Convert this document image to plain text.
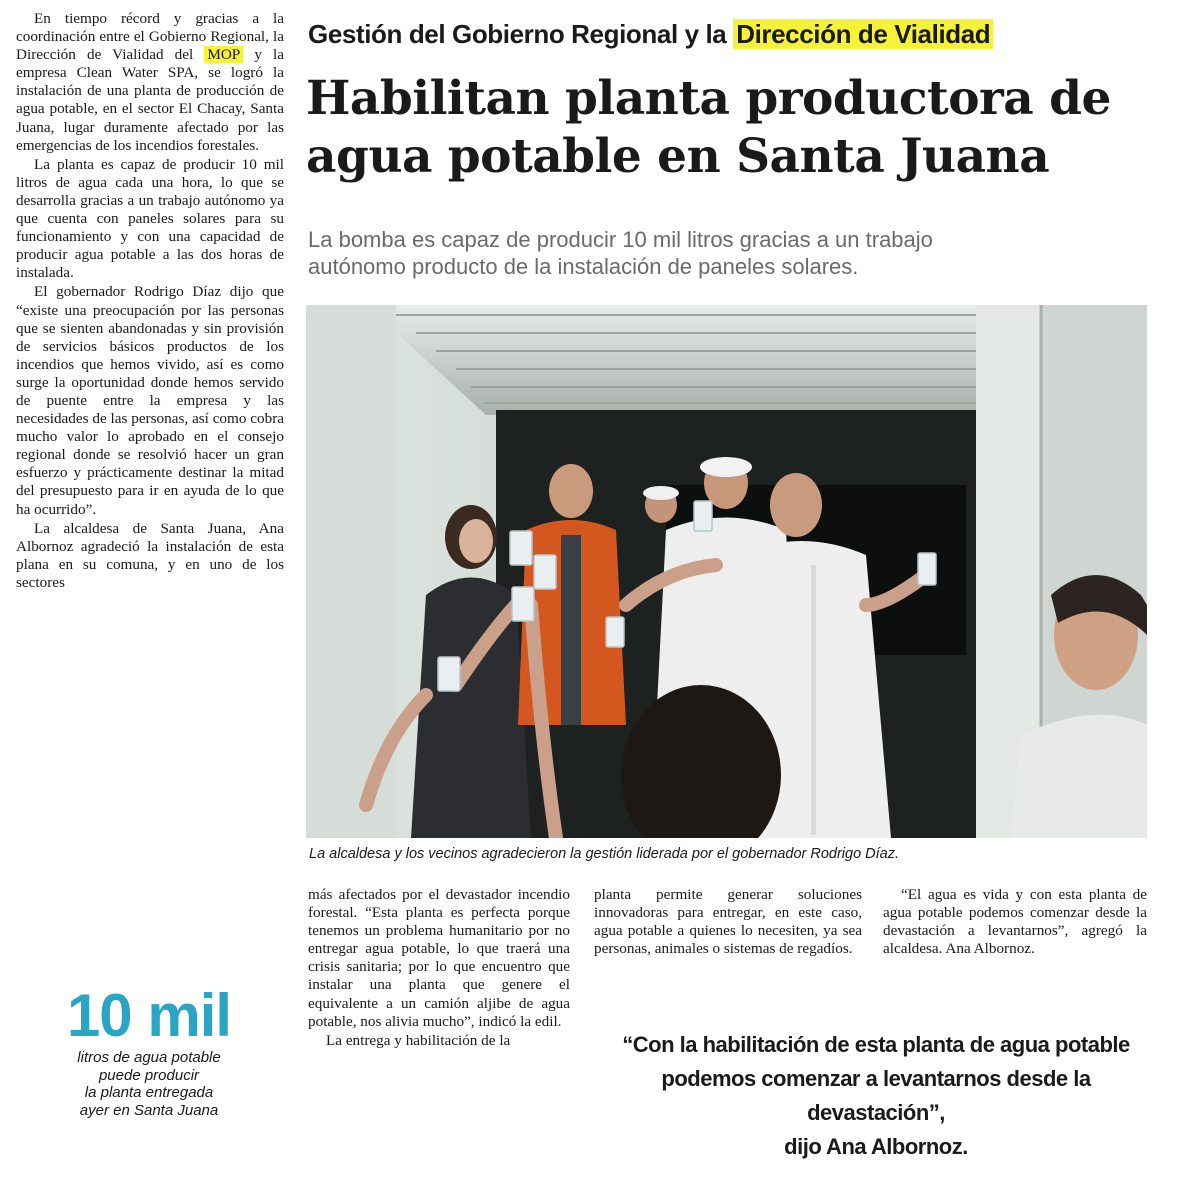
En tiempo récord y gracias a la coordinación entre el Gobierno Regional, la Dirección de Vialidad del MOP y la empresa Clean Water SPA, se logró la instalación de una planta de producción de agua potable, en el sector El Chacay, Santa Juana, lugar duramente afectado por las emergencias de los incendios forestales.

La planta es capaz de producir 10 mil litros de agua cada una hora, lo que se desarrolla gracias a un trabajo autónomo ya que cuenta con paneles solares para su funcionamiento y con una capacidad de producir agua potable a las dos horas de instalada.

El gobernador Rodrigo Díaz dijo que “existe una preocupación por las personas que se sienten abandonadas y sin provisión de servicios básicos productos de los incendios que hemos vivido, así es como surge la oportunidad donde hemos servido de puente entre la empresa y las necesidades de las personas, así como cobra mucho valor lo aprobado en el consejo regional donde se resolvió hacer un gran esfuerzo y prácticamente destinar la mitad del presupuesto para ir en ayuda de lo que ha ocurrido”.

La alcaldesa de Santa Juana, Ana Albornoz agradeció la instalación de esta plana en su comuna, y en uno de los sectores

10 mil
litros de agua potable
puede producir
la planta entregada
ayer en Santa Juana
Gestión del Gobierno Regional y la Dirección de Vialidad
Habilitan planta productora de
agua potable en Santa Juana
La bomba es capaz de producir 10 mil litros gracias a un trabajo
autónomo producto de la instalación de paneles solares.
La alcaldesa y los vecinos agradecieron la gestión liderada por el gobernador Rodrigo Díaz.

más afectados por el devastador incendio forestal. “Esta planta es perfecta porque tenemos un problema humanitario por no entregar agua potable, lo que traerá una crisis sanitaria; por lo que encuentro que instalar una planta que genere el equivalente a un camión aljibe de agua potable, nos alivia mucho”, indicó la edil.

La entrega y habilitación de la

planta permite generar soluciones innovadoras para entregar, en este caso, agua potable a quienes lo necesiten, ya sea personas, animales o sistemas de regadíos.

“El agua es vida y con esta planta de agua potable podemos comenzar desde la devastación a levantarnos”, agregó la alcaldesa. Ana Albornoz.

“Con la habilitación de esta planta de agua potable
podemos comenzar a levantarnos desde la devastación”,
dijo Ana Albornoz.
